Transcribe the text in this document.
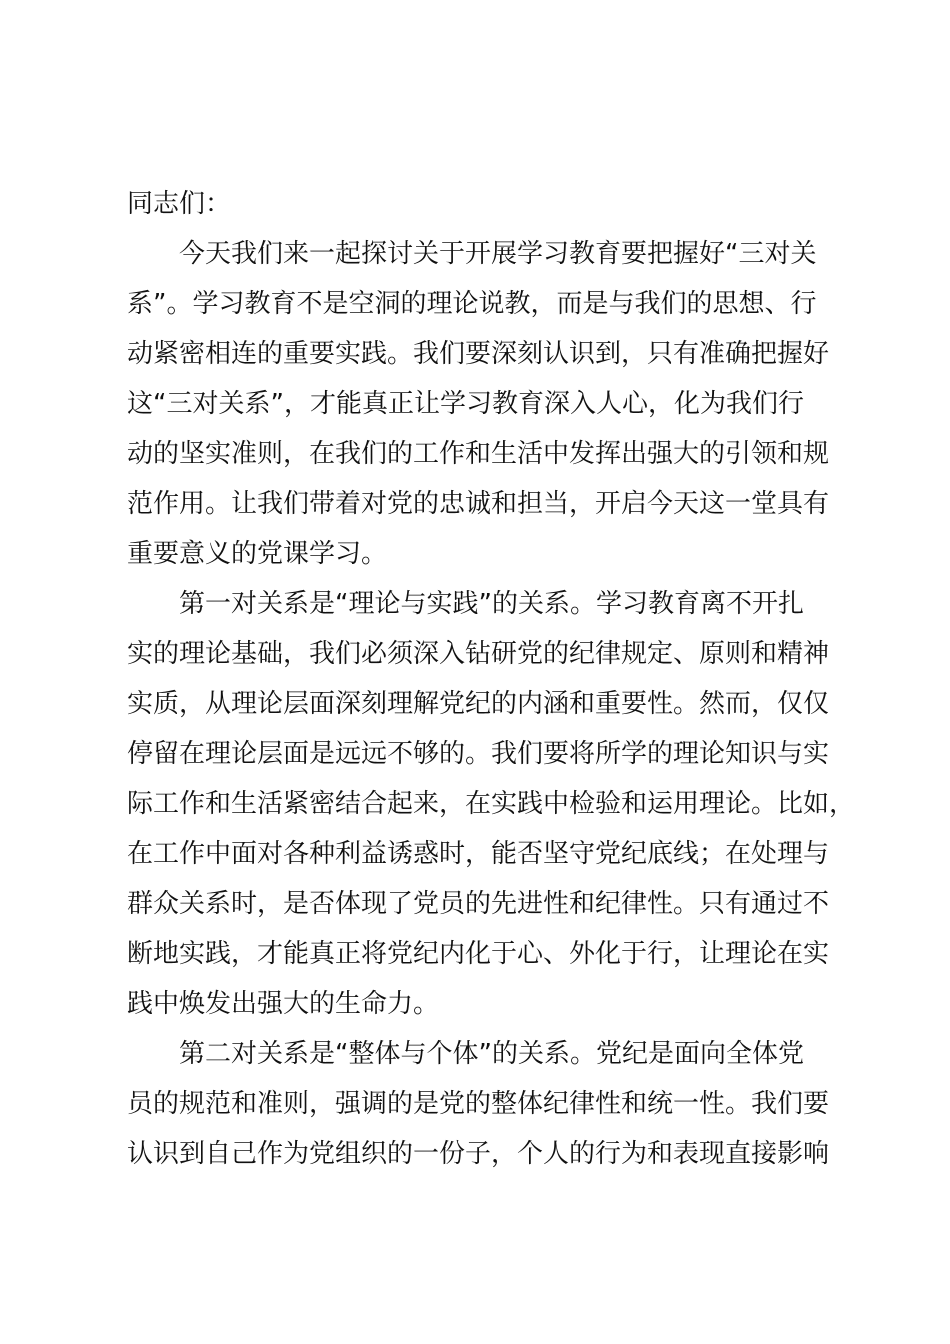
同志们：
今天我们来一起探讨关于开展学习教育要把握好“三对关
系”。学习教育不是空洞的理论说教，而是与我们的思想、行
动紧密相连的重要实践。我们要深刻认识到，只有准确把握好
这“三对关系”，才能真正让学习教育深入人心，化为我们行
动的坚实准则，在我们的工作和生活中发挥出强大的引领和规
范作用。让我们带着对党的忠诚和担当，开启今天这一堂具有
重要意义的党课学习。
第一对关系是“理论与实践”的关系。学习教育离不开扎
实的理论基础，我们必须深入钻研党的纪律规定、原则和精神
实质，从理论层面深刻理解党纪的内涵和重要性。然而，仅仅
停留在理论层面是远远不够的。我们要将所学的理论知识与实
际工作和生活紧密结合起来，在实践中检验和运用理论。比如，
在工作中面对各种利益诱惑时，能否坚守党纪底线；在处理与
群众关系时，是否体现了党员的先进性和纪律性。只有通过不
断地实践，才能真正将党纪内化于心、外化于行，让理论在实
践中焕发出强大的生命力。
第二对关系是“整体与个体”的关系。党纪是面向全体党
员的规范和准则，强调的是党的整体纪律性和统一性。我们要
认识到自己作为党组织的一份子，个人的行为和表现直接影响
